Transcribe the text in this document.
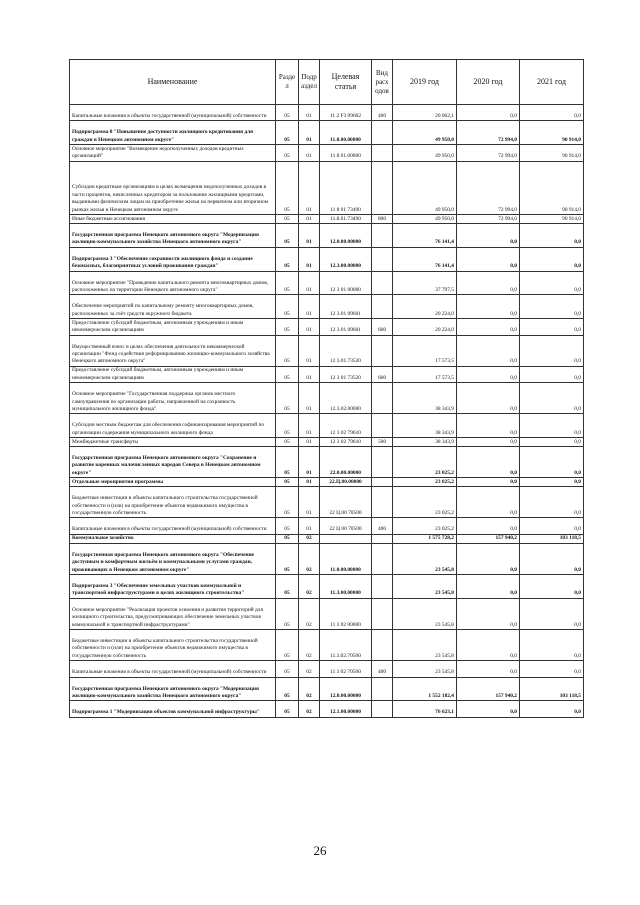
Наименование	Разде л	Подр аздел	Целевая статья	Вид расх одов	2019 год	2020 год	2021 год
Капитальные вложения в объекты государственной (муниципальной) собственности	05	01	11 2 F3 09602	400	20 062,1	0,0	0,0
Подпрограмма 8 "Повышение доступности жилищного кредитования для граждан в Ненецком автономном округе"	05	01	11.8.00.00000		49 950,0	72 994,0	90 914,0
Основное мероприятие "Возмещение недополученных доходов кредитных организаций"	05	01	11 8 01.00000		49 950,0	72 994,0	90 914,0
Субсидии кредитным организациям в целях возмещения недополученных доходов в части процентов, начисленных кредитором за пользование жилищными кредитами, выданными физическим лицам на приобретение жилья на первичном или вторичном рынках жилья в Ненецком автономном округе	05	01	11 8 01 73490		49 950,0	72 994,0	90 914,0
Иные бюджетные ассигнования	05	01	11.8.01.73490	800	49 950,0	72 994,0	90 914,0
Государственная программа Ненецкого автономного округа "Модернизация жилищно-коммунального хозяйства Ненецкого автономного округа"	05	01	12.0.00.00000		76 141,4	0,0	0,0
Подпрограмма 3 "Обеспечение сохранности жилищного фонда и создание безопасных, благоприятных условий проживания граждан"	05	01	12.3.00.00000		76 141,4	0,0	0,0
Основное мероприятие "Проведение капитального ремонта многоквартирных домов, расположенных на территории Ненецкого автономного округа"	05	01	12 3 01 00000		37 797,5	0,0	0,0
Обеспечение мероприятий по капитальному ремонту многоквартирных домов, расположенных за счёт средств окружного бюджета	05	01	12 3.01 09601		20 224,0	0,0	0,0
Предоставление субсидий бюджетным, автономным учреждениям и иным некоммерческим организациям	05	01	12 3.01 09601	600	20 224,0	0,0	0,0
Имущественный взнос в целях обеспечения деятельности некоммерческой организации "Фонд содействия реформированию жилищно-коммунального хозяйства Ненецкого автономного округа"	05	01	12 3.01.73520		17 573,5	0,0	0,0
Предоставление субсидий бюджетным, автономным учреждениям и иным некоммерческим организациям	05	01	12 3 01 73520	600	17 573,5	0,0	0,0
Основное мероприятие "Государственная поддержка органов местного самоуправления по организации работы, направленной на сохранность муниципального жилищного фонда"	05	01	12.3.02.00000		38 343,9	0,0	0,0
Субсидии местным бюджетам для обеспечения софинансирования мероприятий по организации содержания муниципального жилищного фонда	05	01	12 3 02 79610		38 343,9	0,0	0,0
Межбюджетные трансферты	05	01	12 3 02 79610	500	38 343,9	0,0	0,0
Государственная программа Ненецкого автономного округа "Сохранение и развитие коренных малочисленных народов Севера в Ненецком автономном округе"	05	01	22.0.00.00000		23 025,2	0,0	0,0
Отдельные мероприятия программы	05	01	22.Ц.00.00000		23 025,2	0,0	0,0
Бюджетные инвестиции в объекты капитального строительства государственной собственности и (или) на приобретение объектов недвижимого имущества в государственную собственность	05	01	22 Ц.00 70500		23 025,2	0,0	0,0
Капитальные вложения в объекты государственной (муниципальной) собственности	05	01	22 Ц 00 70500	400	23 025,2	0,0	0,0
Коммунальное хозяйство	05	02			1 575 728,2	157 940,2	103 118,5
Государственная программа Ненецкого автономного округа "Обеспечение доступным и комфортным жильём и коммунальными услугами граждан, проживающих в Ненецком автономном округе"	05	02	11.0.00.00000		23 545,8	0,0	0,0
Подпрограмма 3 "Обеспечение земельных участков коммунальной и транспортной инфраструктурами в целях жилищного строительства"	05	02	11.3.00.00000		23 545,8	0,0	0,0
Основное мероприятие "Реализация проектов освоения и развития территорий для жилищного строительства, предусматривающих обеспечение земельных участков коммунальной и транспортной инфраструктурами"	05	02	11 3 02 00000		23 545,8	0,0	0,0
Бюджетные инвестиции в объекты капитального строительства государственной собственности и (или) на приобретение объектов недвижимого имущества в государственную собственность	05	02	11.3.02.70500		23 545,8	0,0	0,0
Капитальные вложения в объекты государственной (муниципальной) собственности	05	02	11 3 02 70500	400	23 545,8	0,0	0,0
Государственная программа Ненецкого автономного округа "Модернизация жилищно-коммунального хозяйства Ненецкого автономного округа"	05	02	12.0.00.00000		1 552 182,4	157 940,2	103 118,5
Подпрограмма 1 "Модернизация объектов коммунальной инфраструктуры"	05	02	12.1.00.00000		76 623,1	0,0	0,0
26
